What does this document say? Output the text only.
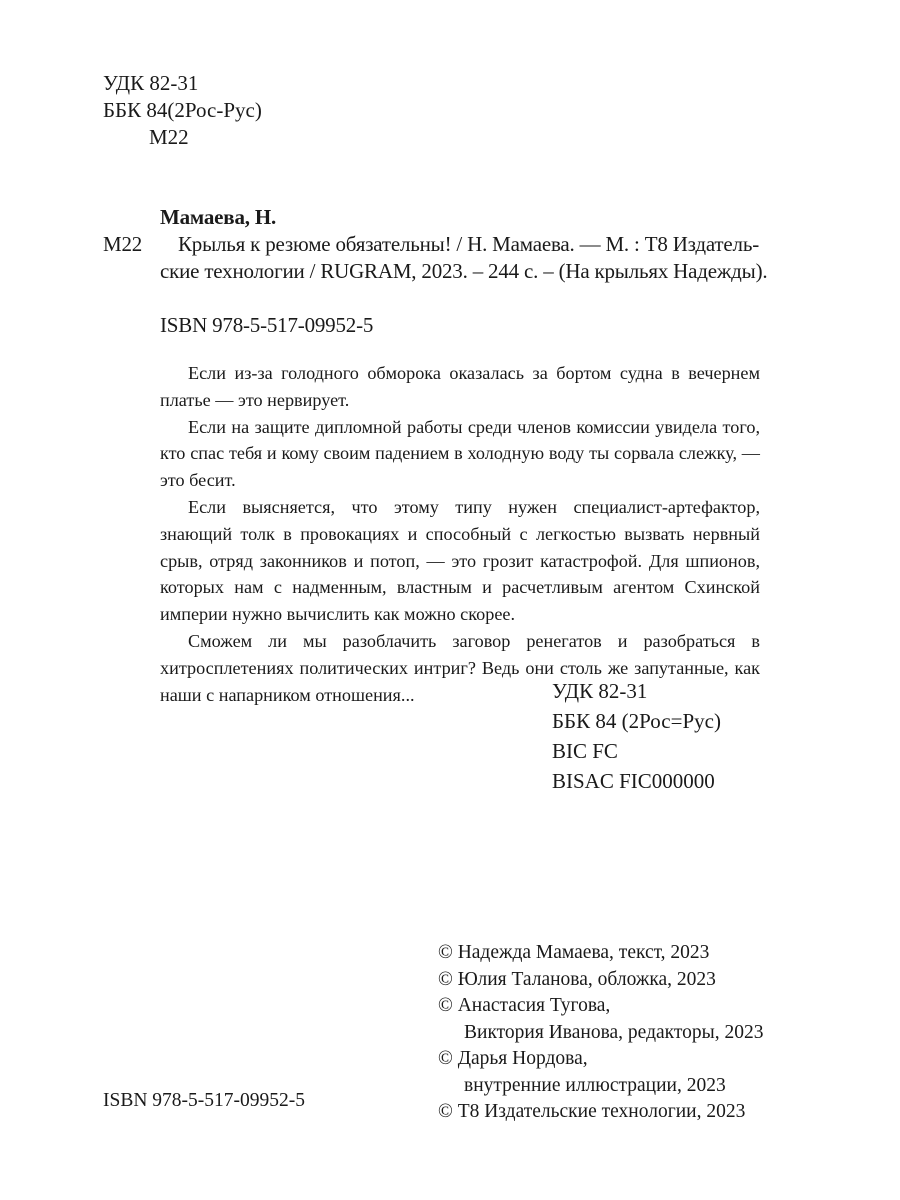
УДК 82-31
ББК 84(2Рос-Рус)
М22
Мамаева, Н.
М22 Крылья к резюме обязательны! / Н. Мамаева. — М. : Т8 Издатель-
ские технологии / RUGRAM, 2023. – 244 с. – (На крыльях Надежды).
ISBN 978-5-517-09952-5

Если из-за голодного обморока оказалась за бортом судна в вечернем платье — это нервирует.

Если на защите дипломной работы среди членов комиссии увидела того, кто спас тебя и кому своим падением в холодную воду ты сорвала слежку, — это бесит.

Если выясняется, что этому типу нужен специалист-артефактор, знающий толк в провокациях и способный с легкостью вызвать нервный срыв, отряд законников и потоп, — это грозит катастрофой. Для шпионов, которых нам с надменным, властным и расчетливым агентом Схинской империи нужно вычислить как можно скорее.

Сможем ли мы разоблачить заговор ренегатов и разобраться в хитросплетениях политических интриг? Ведь они столь же запутанные, как наши с напарником отношения...	УДК 82-31
ББК 84 (2Рос=Рус)
BIC FC
BISAC FIC000000
© Надежда Мамаева, текст, 2023
© Юлия Таланова, обложка, 2023
© Анастасия Тугова,
Виктория Иванова, редакторы, 2023
© Дарья Нордова,
внутренние иллюстрации, 2023
© Т8 Издательские технологии, 2023
ISBN 978-5-517-09952-5
